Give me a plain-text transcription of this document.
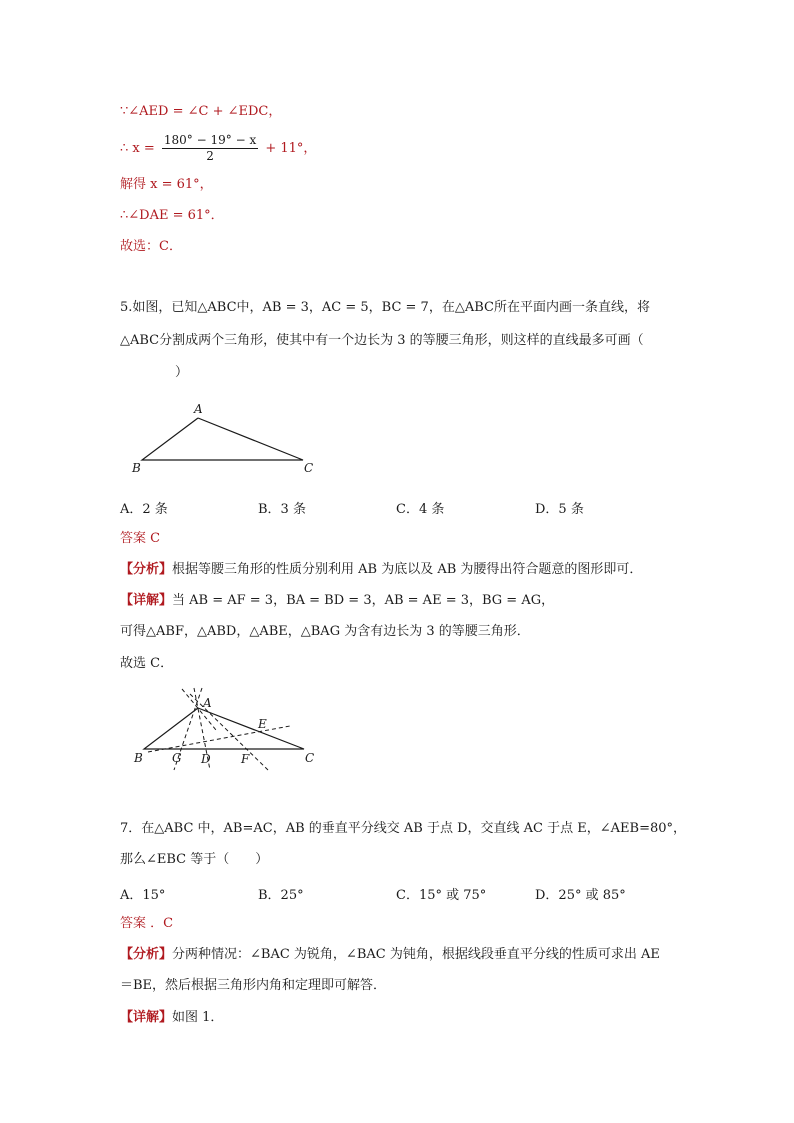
∵∠AED = ∠C + ∠EDC，
∴ $x = \frac{180^\circ - 19^\circ - x}{2} + 11^\circ$，
解得 x = 61°，
∴∠DAE = 61°．
故选：C．
5.如图，已知△ABC中，AB = 3，AC = 5，BC = 7，在△ABC所在平面内画一条直线，将
△ABC分割成两个三角形，使其中有一个边长为 3 的等腰三角形，则这样的直线最多可画（
）
A
B	C
A．2 条	B．3 条	C．4 条	D．5 条
答案 C
【分析】根据等腰三角形的性质分别利用 AB 为底以及 AB 为腰得出符合题意的图形即可．
【详解】当 AB = AF = 3，BA = BD = 3，AB = AE = 3，BG = AG，
可得△ABF，△ABD，△ABE，△BAG 为含有边长为 3 的等腰三角形．
故选 C．
A
B	C
D
E
F
G
7．在△ABC 中，AB=AC，AB 的垂直平分线交 AB 于点 D，交直线 AC 于点 E，∠AEB=80°，
那么∠EBC 等于（　　）
A．15°	B．25°	C．15° 或 75°	D．25° 或 85°
答案 ．C
【分析】分两种情况：∠BAC 为锐角，∠BAC 为钝角，根据线段垂直平分线的性质可求出 AE
＝BE，然后根据三角形内角和定理即可解答．
【详解】如图 1．
